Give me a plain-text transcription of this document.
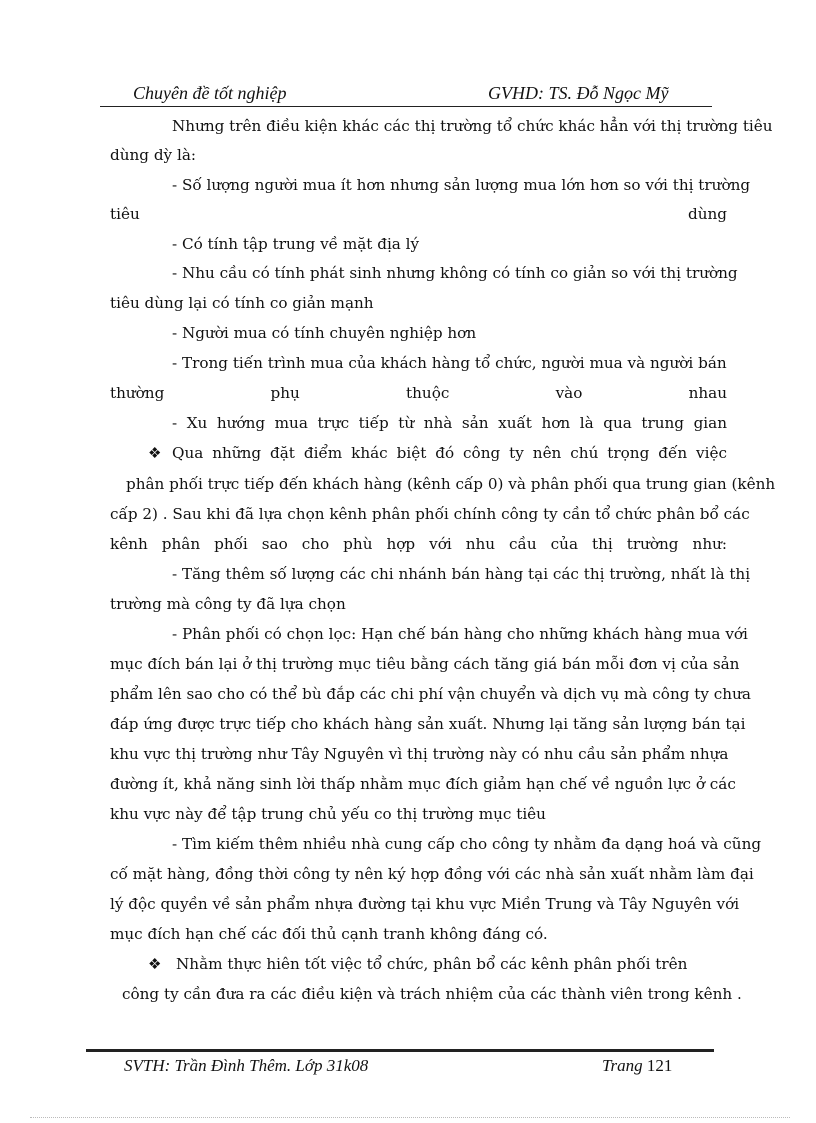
Chuyên đề tốt nghiệp	GVHD: TS. Đỗ Ngọc Mỹ
Nhưng trên điều kiện khác các thị trường tổ chức khác hẳn với thị trường tiêu
dùng dỳ là:
- Số lượng người mua ít hơn nhưng sản lượng mua lớn hơn so với thị trường
tiêu dùng
- Có tính tập trung về mặt địa lý
- Nhu cầu có tính phát sinh nhưng không có tính co giản so với thị trường
tiêu dùng lại có tính co giản mạnh
- Người mua có tính chuyên nghiệp hơn
- Trong tiến trình mua của khách hàng tổ chức, người mua và người bán
thường phụ thuộc vào nhau
- Xu hướng mua trực tiếp từ nhà sản xuất hơn là qua trung gian
❖ Qua những đặt điểm khác biệt đó công ty nên chú trọng đến việc
phân phối trực tiếp đến khách hàng (kênh cấp 0) và phân phối qua trung gian (kênh
cấp 2) . Sau khi đã lựa chọn kênh phân phối chính công ty cần tổ chức phân bổ các
kênh phân phối sao cho phù hợp với nhu cầu của thị trường như:
- Tăng thêm số lượng các chi nhánh bán hàng tại các thị trường, nhất là thị
trường mà công ty đã lựa chọn
- Phân phối có chọn lọc: Hạn chế bán hàng cho những khách hàng mua với
mục đích bán lại ở thị trường mục tiêu bằng cách tăng giá bán mỗi đơn vị của sản
phẩm lên sao cho có thể bù đắp các chi phí vận chuyển và dịch vụ mà công ty chưa
đáp ứng được trực tiếp cho khách hàng sản xuất. Nhưng lại tăng sản lượng bán tại
khu vực thị trường như Tây Nguyên vì thị trường này có nhu cầu sản phẩm nhựa
đường ít, khả năng sinh lời thấp nhằm mục đích giảm hạn chế về nguồn lực ở các
khu vực này để tập trung chủ yếu co thị trường mục tiêu
- Tìm kiếm thêm nhiều nhà cung cấp cho công ty nhằm đa dạng hoá và cũng
cố mặt hàng, đồng thời công ty nên ký hợp đồng với các nhà sản xuất nhằm làm đại
lý độc quyền về sản phẩm nhựa đường tại khu vực Miền Trung và Tây Nguyên với
mục đích hạn chế các đối thủ cạnh tranh không đáng có.
❖ Nhằm thực hiên tốt việc tổ chức, phân bổ các kênh phân phối trên
công ty cần đưa ra các điều kiện và trách nhiệm của các thành viên trong kênh .
SVTH: Trần Đình Thêm. Lớp 31k08	Trang 121
